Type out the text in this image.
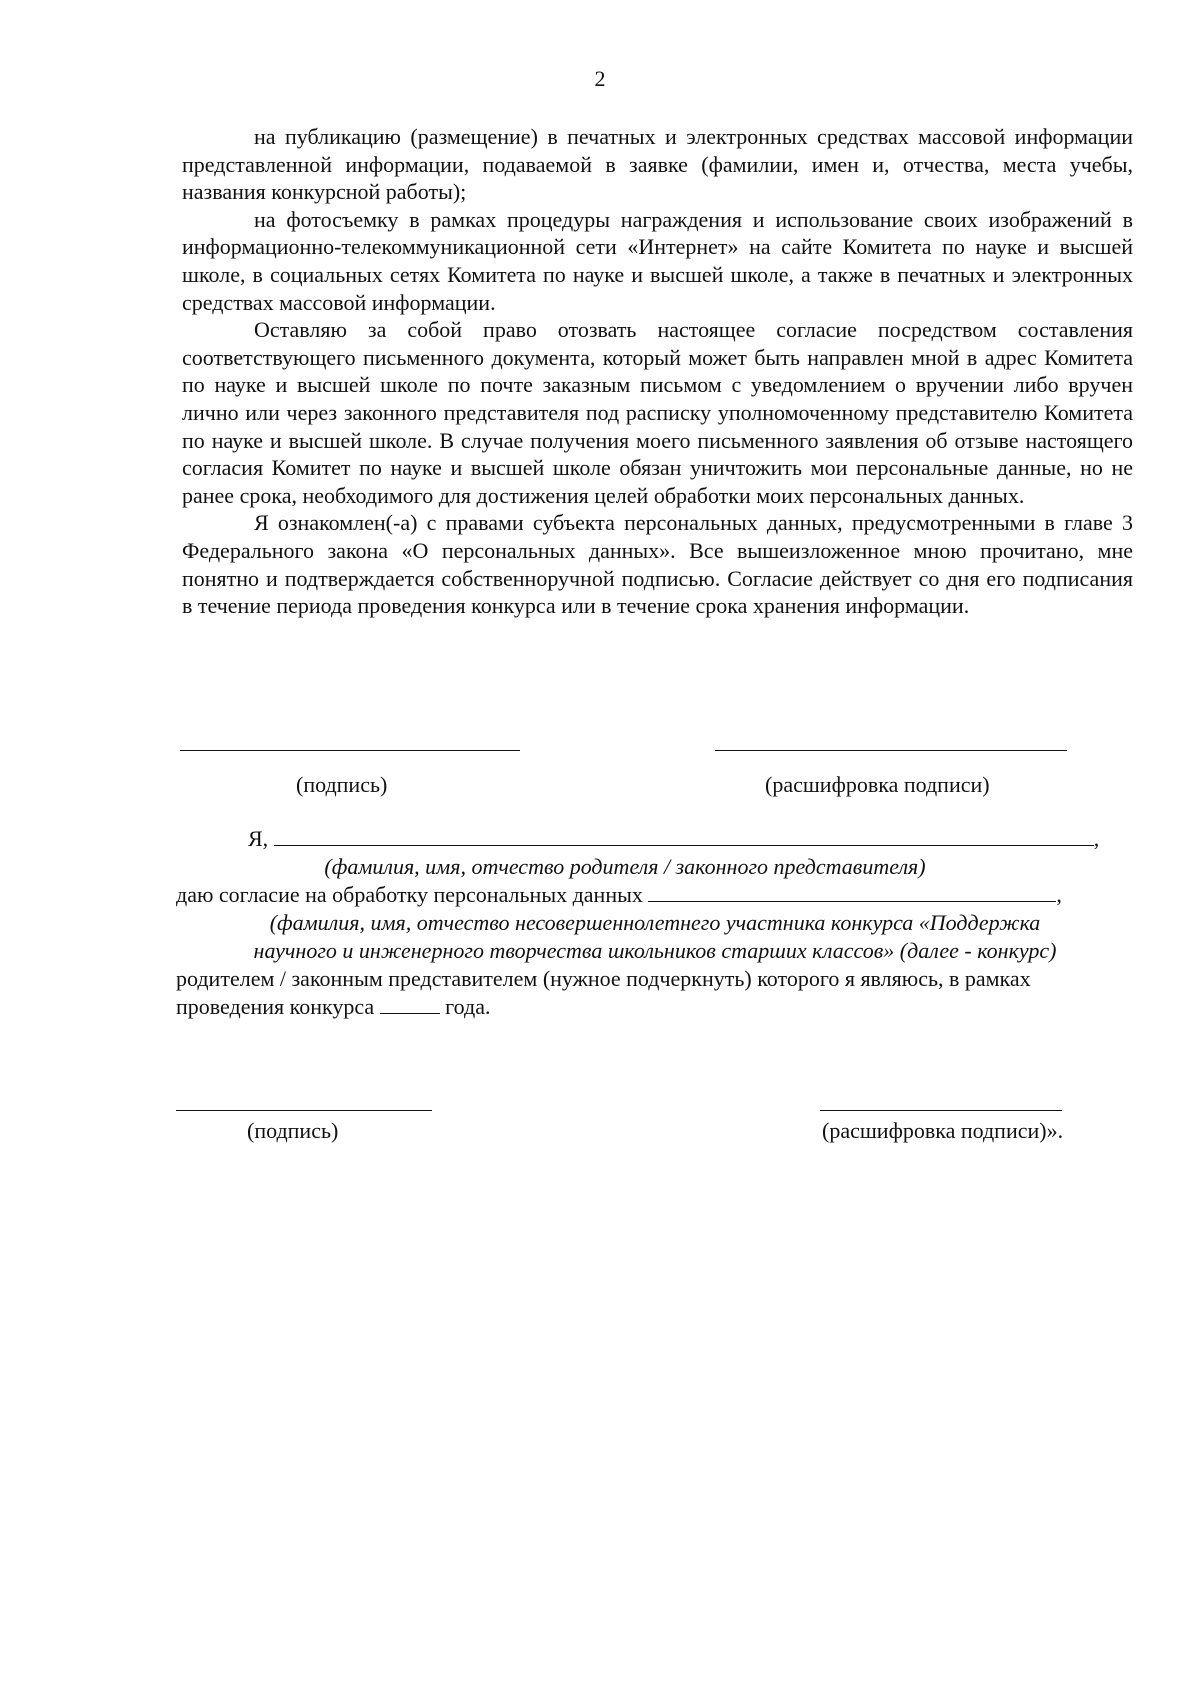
2

на публикацию (размещение) в печатных и электронных средствах массовой информации представленной информации, подаваемой в заявке (фамилии, имен и, отчества, места учебы, названия конкурсной работы);

на фотосъемку в рамках процедуры награждения и использование своих изображений в информационно-телекоммуникационной сети «Интернет» на сайте Комитета по науке и высшей школе, в социальных сетях Комитета по науке и высшей школе, а также в печатных и электронных средствах массовой информации.

Оставляю за собой право отозвать настоящее согласие посредством составления соответствующего письменного документа, который может быть направлен мной в адрес Комитета по науке и высшей школе по почте заказным письмом с уведомлением о вручении либо вручен лично или через законного представителя под расписку уполномоченному представителю Комитета по науке и высшей школе. В случае получения моего письменного заявления об отзыве настоящего согласия Комитет по науке и высшей школе обязан уничтожить мои персональные данные, но не ранее срока, необходимого для достижения целей обработки моих персональных данных.

Я ознакомлен(-а) с правами субъекта персональных данных, предусмотренными в главе 3 Федерального закона «О персональных данных». Все вышеизложенное мною прочитано, мне понятно и подтверждается собственноручной подписью. Согласие действует со дня его подписания в течение периода проведения конкурса или в течение срока хранения информации.

(подпись)	(расшифровка подписи)
Я,	,
(фамилия, имя, отчество родителя / законного представителя)
даю согласие на обработку персональных данных	,
(фамилия, имя, отчество несовершеннолетнего участника конкурса «Поддержка
научного и инженерного творчества школьников старших классов» (далее - конкурс)
родителем / законным представителем (нужное подчеркнуть) которого я являюсь, в рамках
проведения конкурса	года.
(подпись)	(расшифровка подписи)».
